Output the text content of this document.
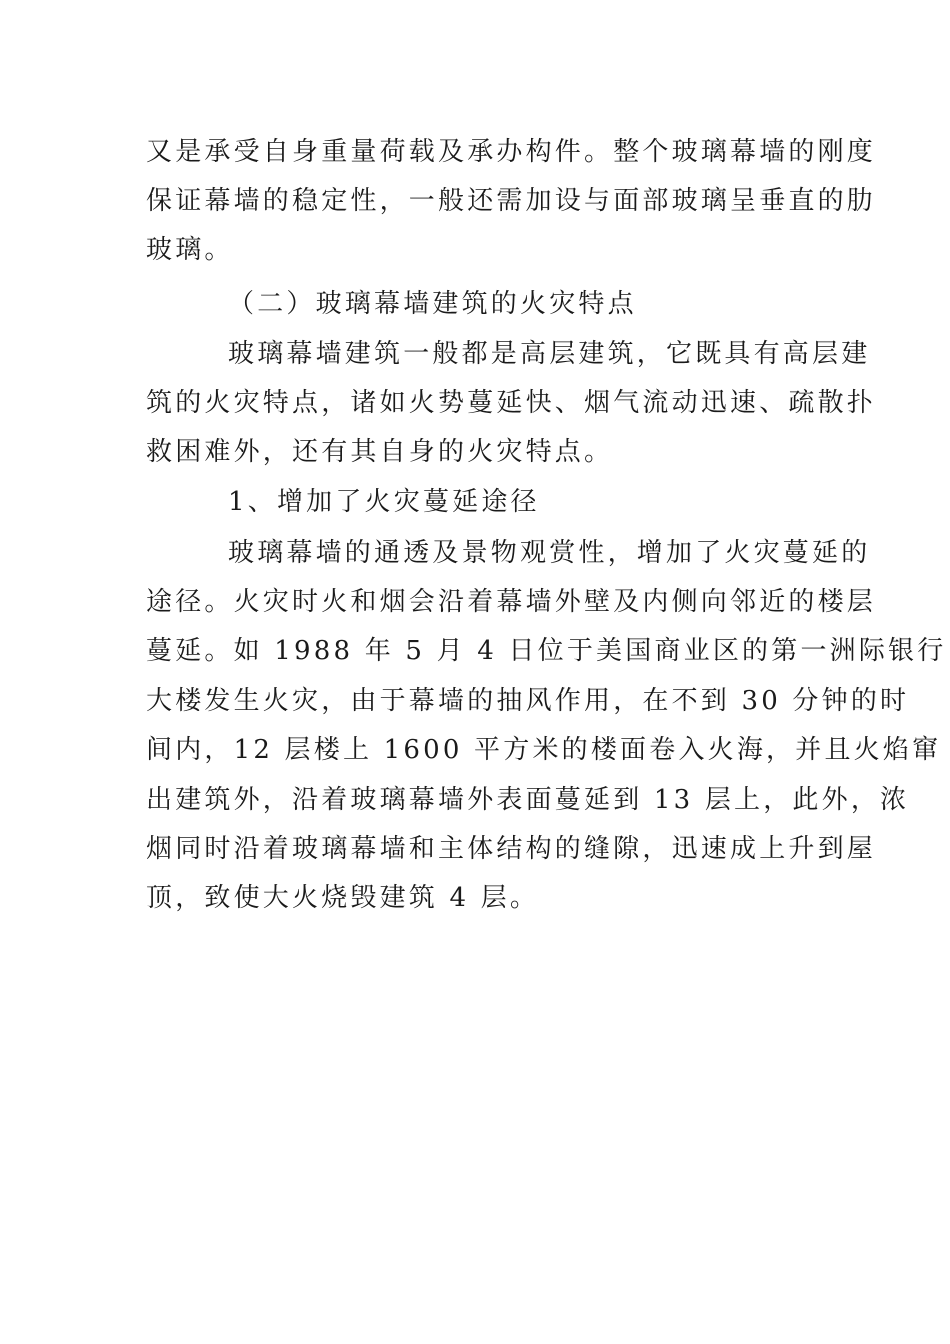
又是承受自身重量荷载及承办构件。整个玻璃幕墙的刚度
保证幕墙的稳定性，一般还需加设与面部玻璃呈垂直的肋
玻璃。
（二）玻璃幕墙建筑的火灾特点
玻璃幕墙建筑一般都是高层建筑，它既具有高层建
筑的火灾特点，诸如火势蔓延快、烟气流动迅速、疏散扑
救困难外，还有其自身的火灾特点。
1、增加了火灾蔓延途径
玻璃幕墙的通透及景物观赏性，增加了火灾蔓延的
途径。火灾时火和烟会沿着幕墙外壁及内侧向邻近的楼层
蔓延。如 1988 年 5 月 4 日位于美国商业区的第一洲际银行
大楼发生火灾，由于幕墙的抽风作用，在不到 30 分钟的时
间内，12 层楼上 1600 平方米的楼面卷入火海，并且火焰窜
出建筑外，沿着玻璃幕墙外表面蔓延到 13 层上，此外，浓
烟同时沿着玻璃幕墙和主体结构的缝隙，迅速成上升到屋
顶，致使大火烧毁建筑 4 层。
